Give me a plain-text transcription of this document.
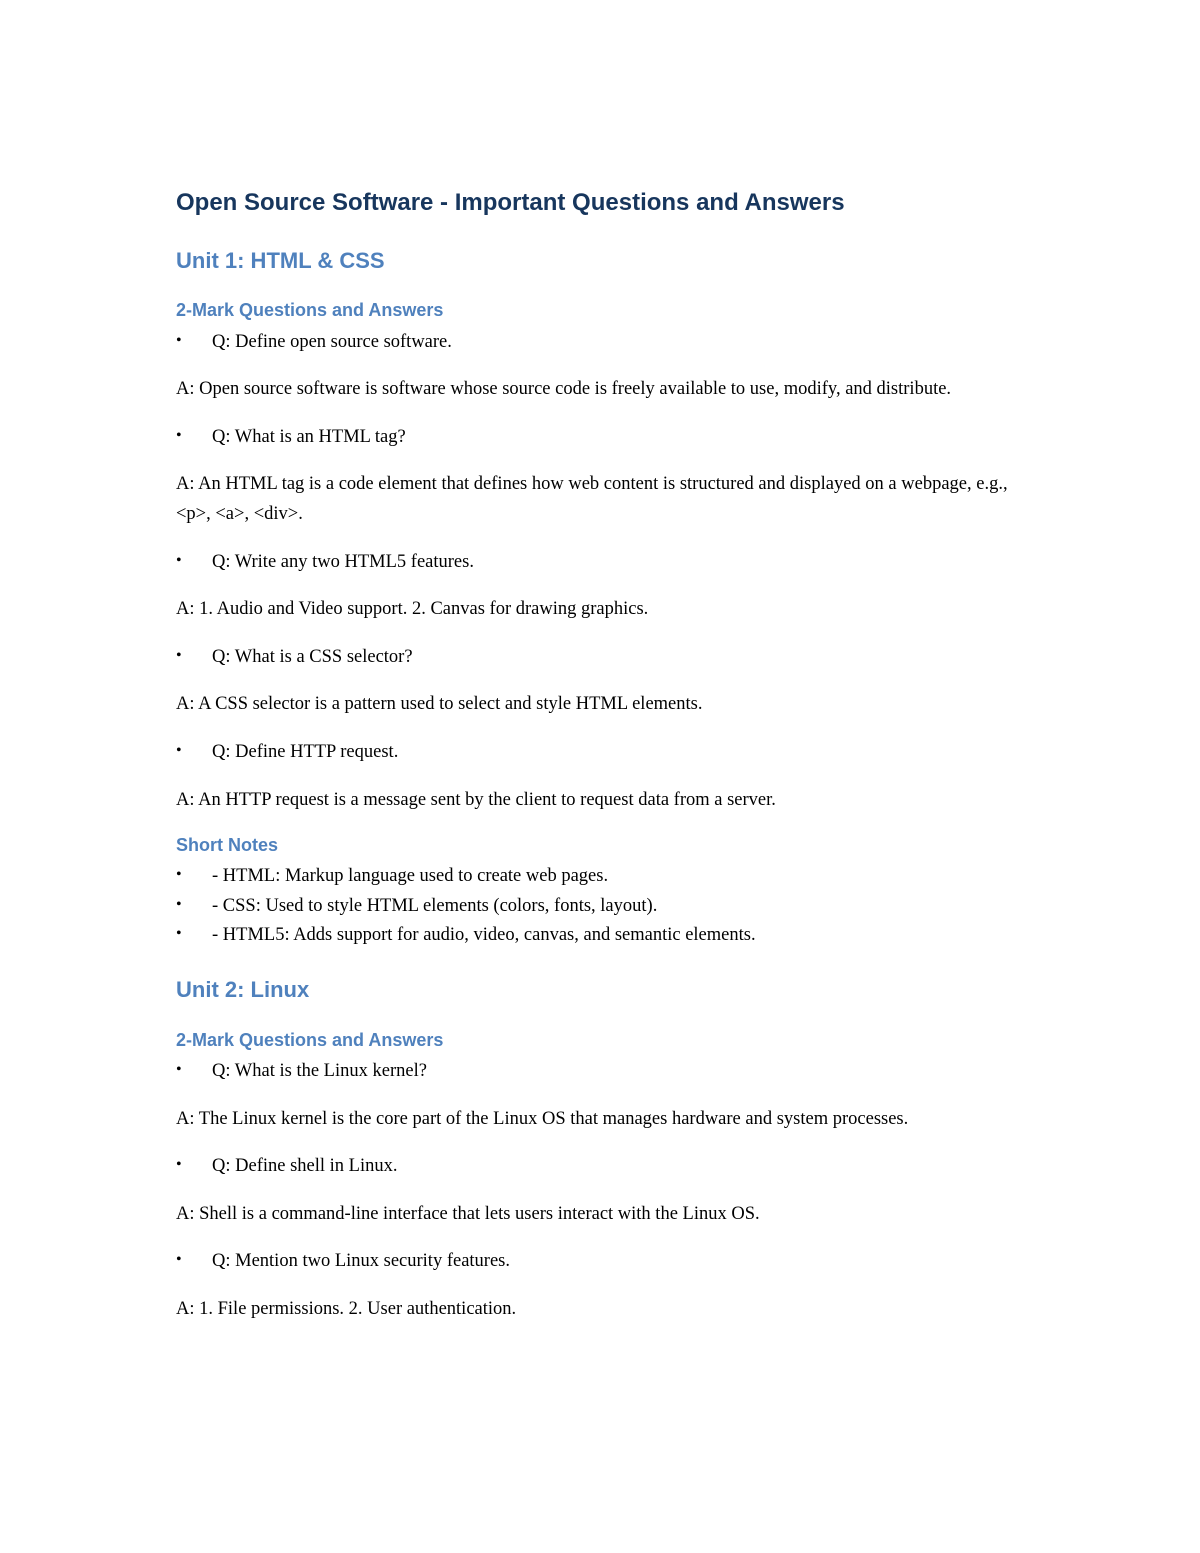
Open Source Software - Important Questions and Answers
Unit 1: HTML & CSS
2-Mark Questions and Answers
•	Q: Define open source software.

A: Open source software is software whose source code is freely available to use, modify, and distribute.

•	Q: What is an HTML tag?

A: An HTML tag is a code element that defines how web content is structured and displayed on a webpage, e.g., <p>, <a>, <div>.

•	Q: Write any two HTML5 features.

A: 1. Audio and Video support. 2. Canvas for drawing graphics.

•	Q: What is a CSS selector?

A: A CSS selector is a pattern used to select and style HTML elements.

•	Q: Define HTTP request.

A: An HTTP request is a message sent by the client to request data from a server.

Short Notes
•	- HTML: Markup language used to create web pages.
•	- CSS: Used to style HTML elements (colors, fonts, layout).
•	- HTML5: Adds support for audio, video, canvas, and semantic elements.
Unit 2: Linux
2-Mark Questions and Answers
•	Q: What is the Linux kernel?

A: The Linux kernel is the core part of the Linux OS that manages hardware and system processes.

•	Q: Define shell in Linux.

A: Shell is a command-line interface that lets users interact with the Linux OS.

•	Q: Mention two Linux security features.

A: 1. File permissions. 2. User authentication.
